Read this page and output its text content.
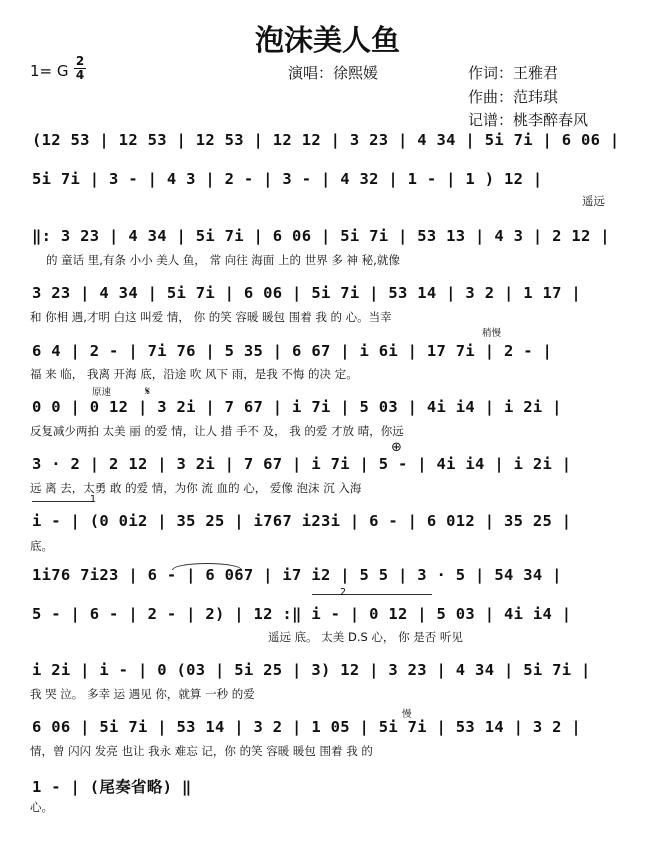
泡沫美人鱼
1= G
2
4	演唱：徐熙媛	作词：王雅君
作曲：范玮琪
记谱：桃李醉春风
(12 53 | 12 53 | 12 53 | 12 12 | 3 23 | 4 34 | 5i 7i | 6 06 |
5i 7i | 3 - | 4 3 | 2 - | 3 - | 4 32 | 1 - | 1 ) 12 |
遥远
‖: 3 23 | 4 34 | 5i 7i | 6 06 | 5i 7i | 53 13 | 4 3 | 2 12 |
的 童话 里,有条 小小 美人 鱼， 常 向往 海面 上的 世界 多 神 秘,就像
3 23 | 4 34 | 5i 7i | 6 06 | 5i 7i | 53 14 | 3 2 | 1 17 |
和 你相 遇,才明 白这 叫爱 情， 你 的笑 容暖 暖包 围着 我 的 心。当幸
稍慢
6 4 | 2 - | 7i 76 | 5 35 | 6 67 | i 6i | 17 7i | 2 - |
福 来 临， 我离 开海 底，沿途 吹 风下 雨，是我 不悔 的决 定。
原速	𝄋
0 0 | 0 12 | 3 2i | 7 67 | i 7i | 5 03 | 4i i4 | i 2i |
反复减少两拍 太美 丽 的爱 情，让人 措 手不 及， 我 的爱 才放 晴，你远
⊕
3 · 2 | 2 12 | 3 2i | 7 67 | i 7i | 5 - | 4i i4 | i 2i |
远 离 去，太勇 敢 的爱 情，为你 流 血的 心， 爱像 泡沫 沉 入海
1
i - | (0 0i2 | 35 25 | i767 i23i | 6 - | 6 012 | 35 25 |
底。
1i76 7i23 | 6 - | 6 067 | i7 i2 | 5 5 | 3 · 5 | 54 34 |
2
5 - | 6 - | 2 - | 2) | 12 :‖ i - | 0 12 | 5 03 | 4i i4 |
遥远 底。 太美 D.S 心， 你 是否 听见
i 2i | i - | 0 (03 | 5i 25 | 3) 12 | 3 23 | 4 34 | 5i 7i |
我 哭 泣。 多幸 运 遇见 你，就算 一秒 的爱
慢
6 06 | 5i 7i | 53 14 | 3 2 | 1 05 | 5i 7i | 53 14 | 3 2 |
情，曾 闪闪 发亮 也让 我永 难忘 记，你 的笑 容暖 暖包 围着 我 的
1 - | (尾奏省略) ‖
心。
